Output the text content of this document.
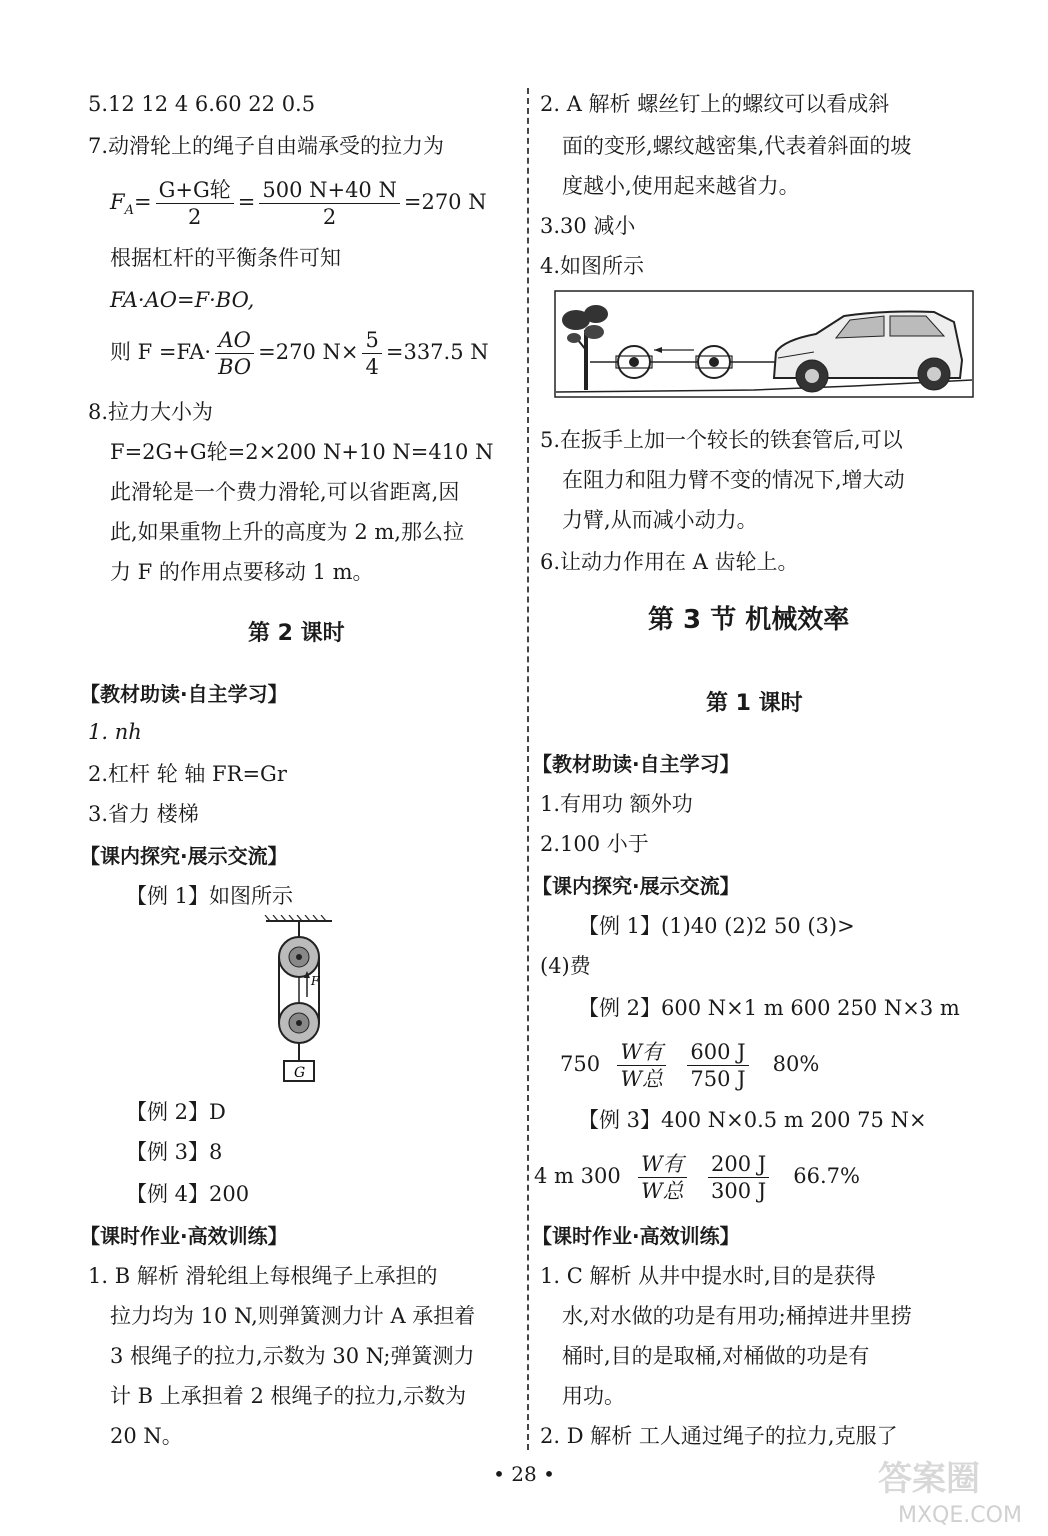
5.12 12 4 6.60 22 0.5
7.动滑轮上的绳子自由端承受的拉力为
$F_A= \frac{\text{G+G轮}}{2} = \frac{500 N+40 N}{2} =270$ N
根据杠杆的平衡条件可知
FA·AO=F·BO,
则 $F =FA\cdot \frac{AO}{BO} =270$ $N\times \frac{5}{4} =337.5$ N
8.拉力大小为
F=2G+G轮=2×200 N+10 N=410 N
此滑轮是一个费力滑轮,可以省距离,因
此,如果重物上升的高度为 2 m,那么拉
力 F 的作用点要移动 1 m。
第 2 课时
【教材助读·自主学习】
1. nh
2.杠杆 轮 轴 FR=Gr
3.省力 楼梯
【课内探究·展示交流】
【例 1】如图所示
F
G
【例 2】D
【例 3】8
【例 4】200
【课时作业·高效训练】
1. B 解析 滑轮组上每根绳子上承担的
拉力均为 10 N,则弹簧测力计 A 承担着
3 根绳子的拉力,示数为 30 N;弹簧测力
计 B 上承担着 2 根绳子的拉力,示数为
20 N。
2. A 解析 螺丝钉上的螺纹可以看成斜
面的变形,螺纹越密集,代表着斜面的坡
度越小,使用起来越省力。
3.30 减小
4.如图所示
5.在扳手上加一个较长的铁套管后,可以
在阻力和阻力臂不变的情况下,增大动
力臂,从而减小动力。
6.让动力作用在 A 齿轮上。
第 3 节 机械效率
第 1 课时
【教材助读·自主学习】
1.有用功 额外功
2.100 小于
【课内探究·展示交流】
【例 1】(1)40 (2)2 50 (3)>
(4)费
【例 2】600 N×1 m 600 250 N×3 m
$750 \frac{\text{W有}}{\text{W总}}$
$\frac{600 J}{750 J} 80\%$
【例 3】400 N×0.5 m 200 75 N×
4 m $300 \frac{\text{W有}}{\text{W总}}$
$\frac{200 J}{300 J} 66.7\%$
【课时作业·高效训练】
1. C 解析 从井中提水时,目的是获得
水,对水做的功是有用功;桶掉进井里捞
桶时,目的是取桶,对桶做的功是有
用功。
2. D 解析 工人通过绳子的拉力,克服了
• 28 •	答案圈
MXQE.COM
